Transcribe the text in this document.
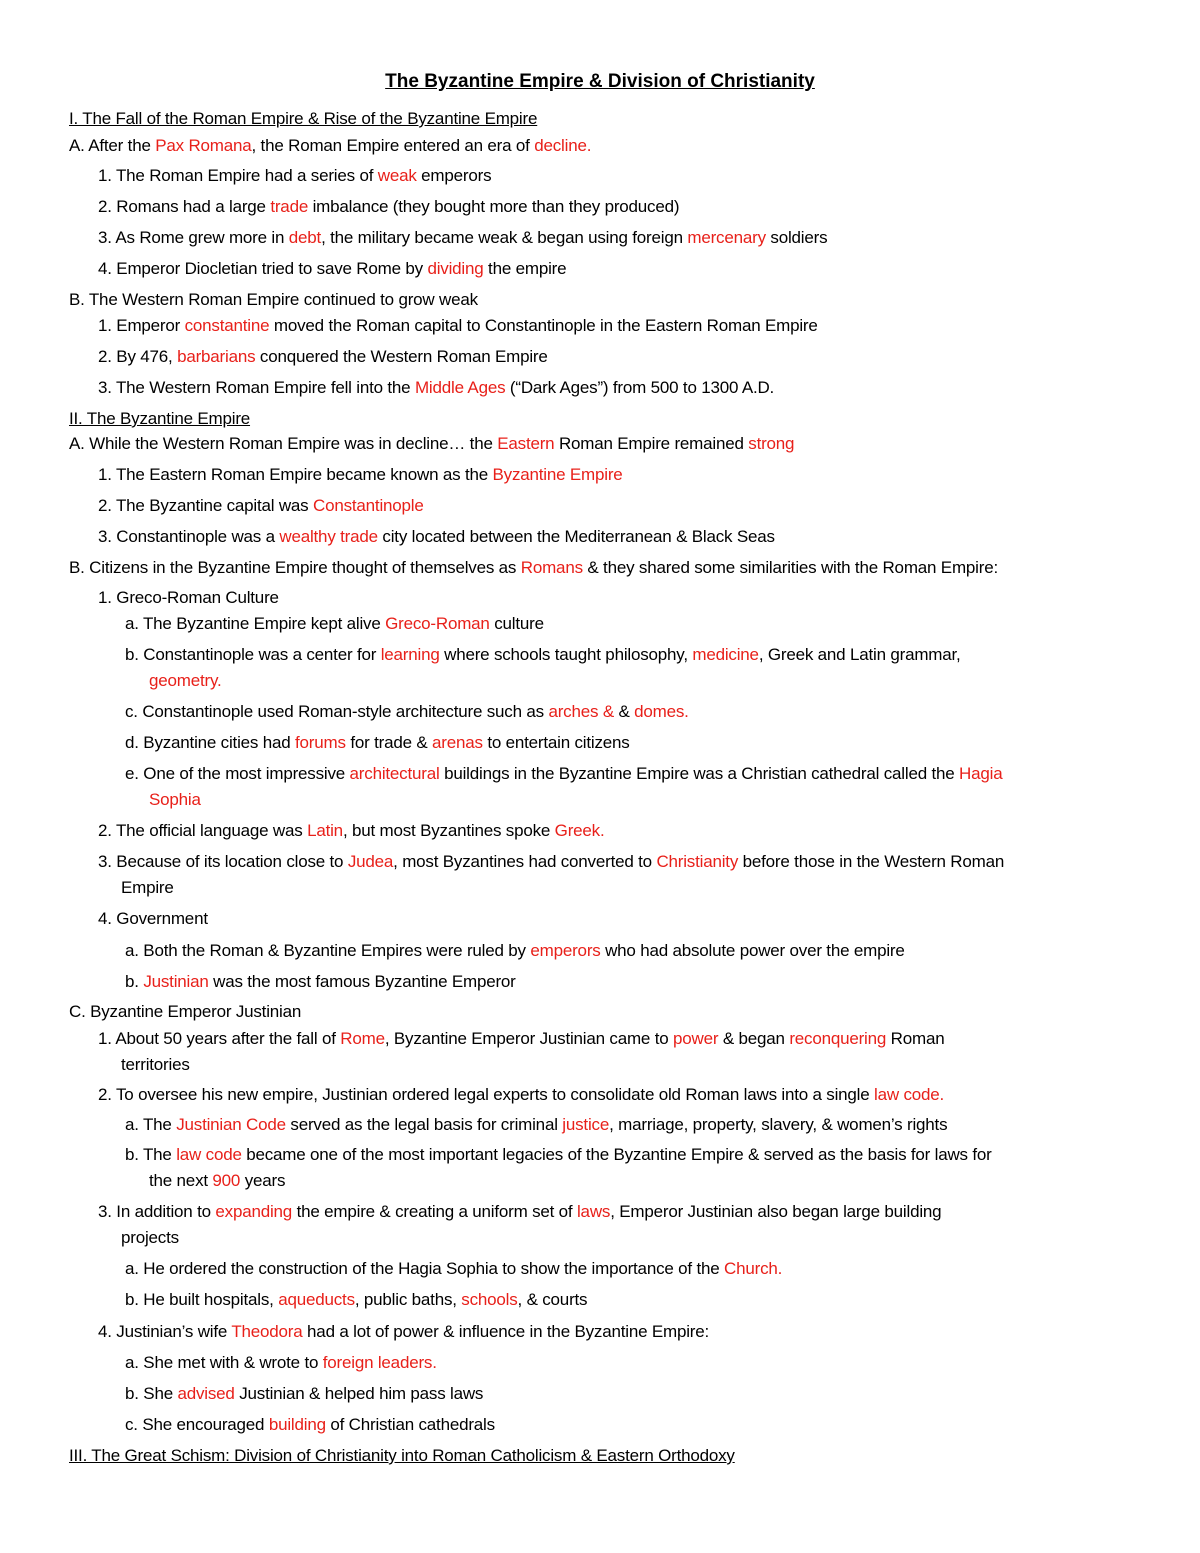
The Byzantine Empire & Division of Christianity
I. The Fall of the Roman Empire & Rise of the Byzantine Empire
A. After the Pax Romana, the Roman Empire entered an era of decline.
1. The Roman Empire had a series of weak emperors
2. Romans had a large trade imbalance (they bought more than they produced)
3. As Rome grew more in debt, the military became weak & began using foreign mercenary soldiers
4. Emperor Diocletian tried to save Rome by dividing the empire
B. The Western Roman Empire continued to grow weak
1. Emperor constantine moved the Roman capital to Constantinople in the Eastern Roman Empire
2. By 476, barbarians conquered the Western Roman Empire
3. The Western Roman Empire fell into the Middle Ages (“Dark Ages”) from 500 to 1300 A.D.
II. The Byzantine Empire
A. While the Western Roman Empire was in decline… the Eastern Roman Empire remained strong
1. The Eastern Roman Empire became known as the Byzantine Empire
2. The Byzantine capital was Constantinople
3. Constantinople was a wealthy trade city located between the Mediterranean & Black Seas
B. Citizens in the Byzantine Empire thought of themselves as Romans & they shared some similarities with the Roman Empire:
1. Greco-Roman Culture
a. The Byzantine Empire kept alive Greco-Roman culture
b. Constantinople was a center for learning where schools taught philosophy, medicine, Greek and Latin grammar,
geometry.
c. Constantinople used Roman-style architecture such as arches & & domes.
d. Byzantine cities had forums for trade & arenas to entertain citizens
e. One of the most impressive architectural buildings in the Byzantine Empire was a Christian cathedral called the Hagia
Sophia
2. The official language was Latin, but most Byzantines spoke Greek.
3. Because of its location close to Judea, most Byzantines had converted to Christianity before those in the Western Roman
Empire
4. Government
a. Both the Roman & Byzantine Empires were ruled by emperors who had absolute power over the empire
b. Justinian was the most famous Byzantine Emperor
C. Byzantine Emperor Justinian
1. About 50 years after the fall of Rome, Byzantine Emperor Justinian came to power & began reconquering Roman
territories
2. To oversee his new empire, Justinian ordered legal experts to consolidate old Roman laws into a single law code.
a. The Justinian Code served as the legal basis for criminal justice, marriage, property, slavery, & women’s rights
b. The law code became one of the most important legacies of the Byzantine Empire & served as the basis for laws for
the next 900 years
3. In addition to expanding the empire & creating a uniform set of laws, Emperor Justinian also began large building
projects
a. He ordered the construction of the Hagia Sophia to show the importance of the Church.
b. He built hospitals, aqueducts, public baths, schools, & courts
4. Justinian’s wife Theodora had a lot of power & influence in the Byzantine Empire:
a. She met with & wrote to foreign leaders.
b. She advised Justinian & helped him pass laws
c. She encouraged building of Christian cathedrals
III. The Great Schism: Division of Christianity into Roman Catholicism & Eastern Orthodoxy
